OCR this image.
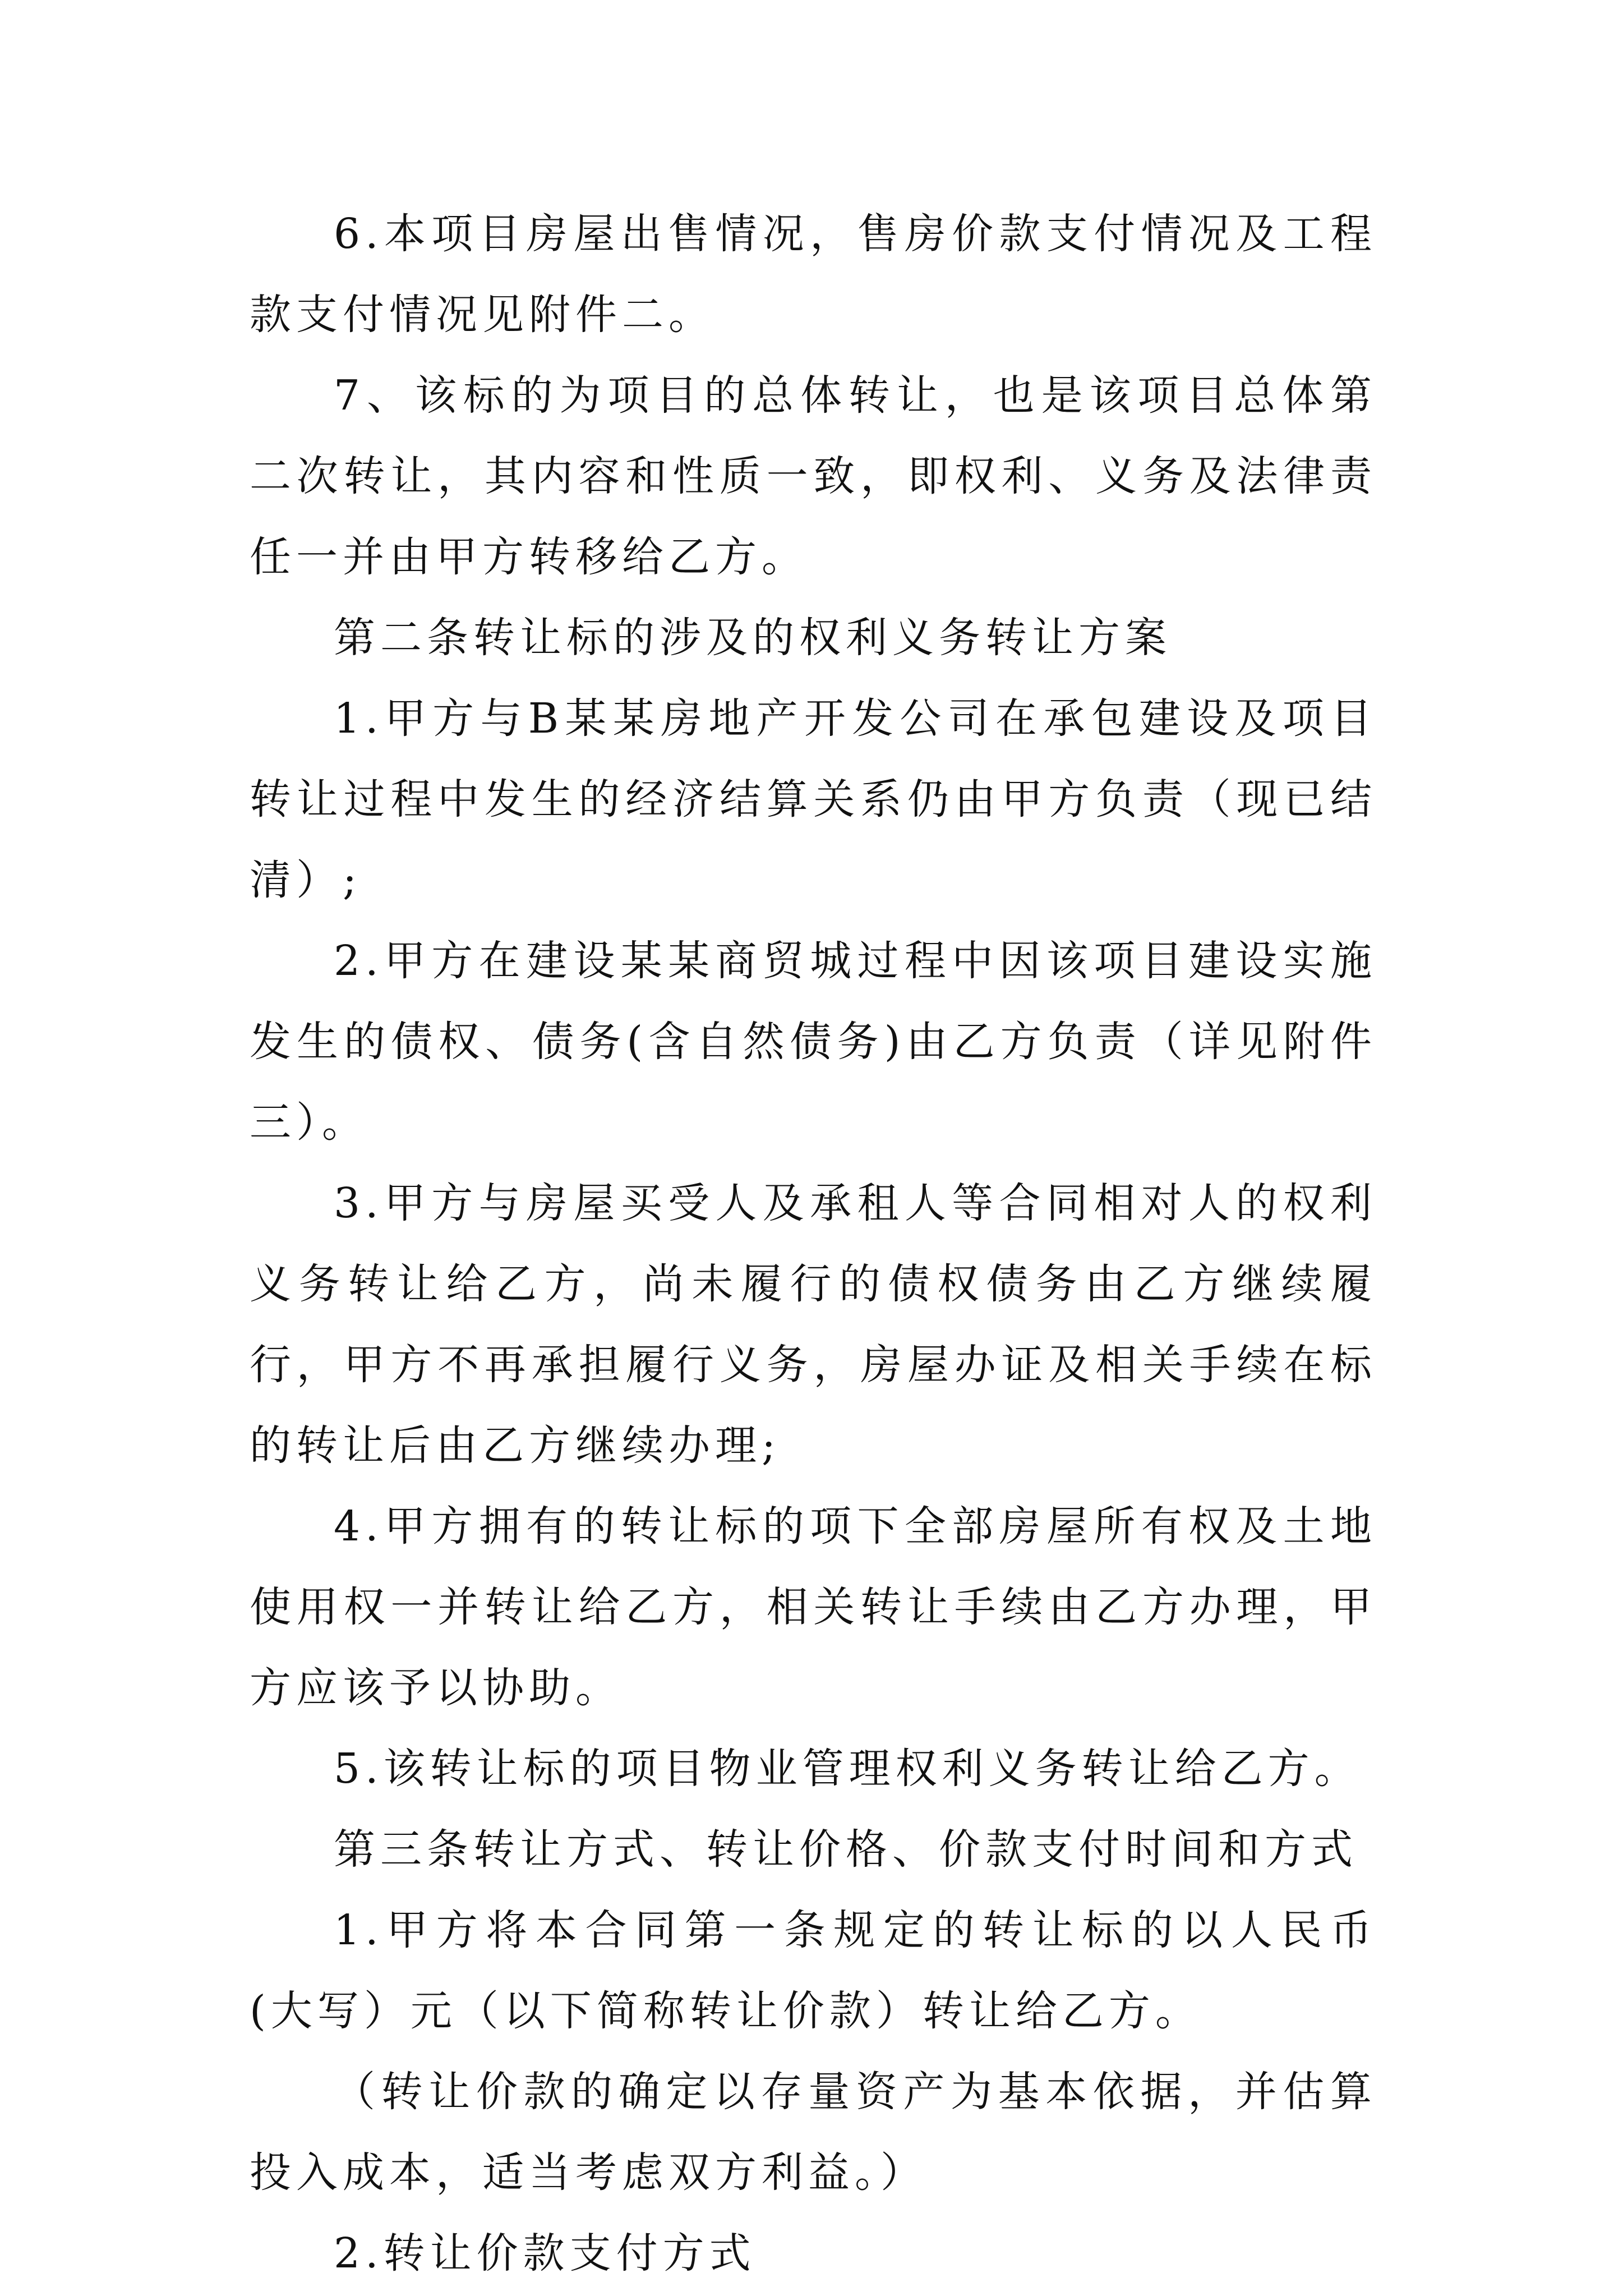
6.本项目房屋出售情况，售房价款支付情况及工程款支付情况见附件二。

7、该标的为项目的总体转让，也是该项目总体第二次转让，其内容和性质一致，即权利、义务及法律责任一并由甲方转移给乙方。

第二条转让标的涉及的权利义务转让方案

1.甲方与B某某房地产开发公司在承包建设及项目转让过程中发生的经济结算关系仍由甲方负责（现已结清）;

2.甲方在建设某某商贸城过程中因该项目建设实施发生的债权、债务(含自然债务)由乙方负责（详见附件三）。

3.甲方与房屋买受人及承租人等合同相对人的权利义务转让给乙方，尚未履行的债权债务由乙方继续履行，甲方不再承担履行义务，房屋办证及相关手续在标的转让后由乙方继续办理;

4.甲方拥有的转让标的项下全部房屋所有权及土地使用权一并转让给乙方，相关转让手续由乙方办理，甲方应该予以协助。

5.该转让标的项目物业管理权利义务转让给乙方。

第三条转让方式、转让价格、价款支付时间和方式

1.甲方将本合同第一条规定的转让标的以人民币(大写）元（以下简称转让价款）转让给乙方。

（转让价款的确定以存量资产为基本依据，并估算投入成本，适当考虑双方利益。）

2.转让价款支付方式
